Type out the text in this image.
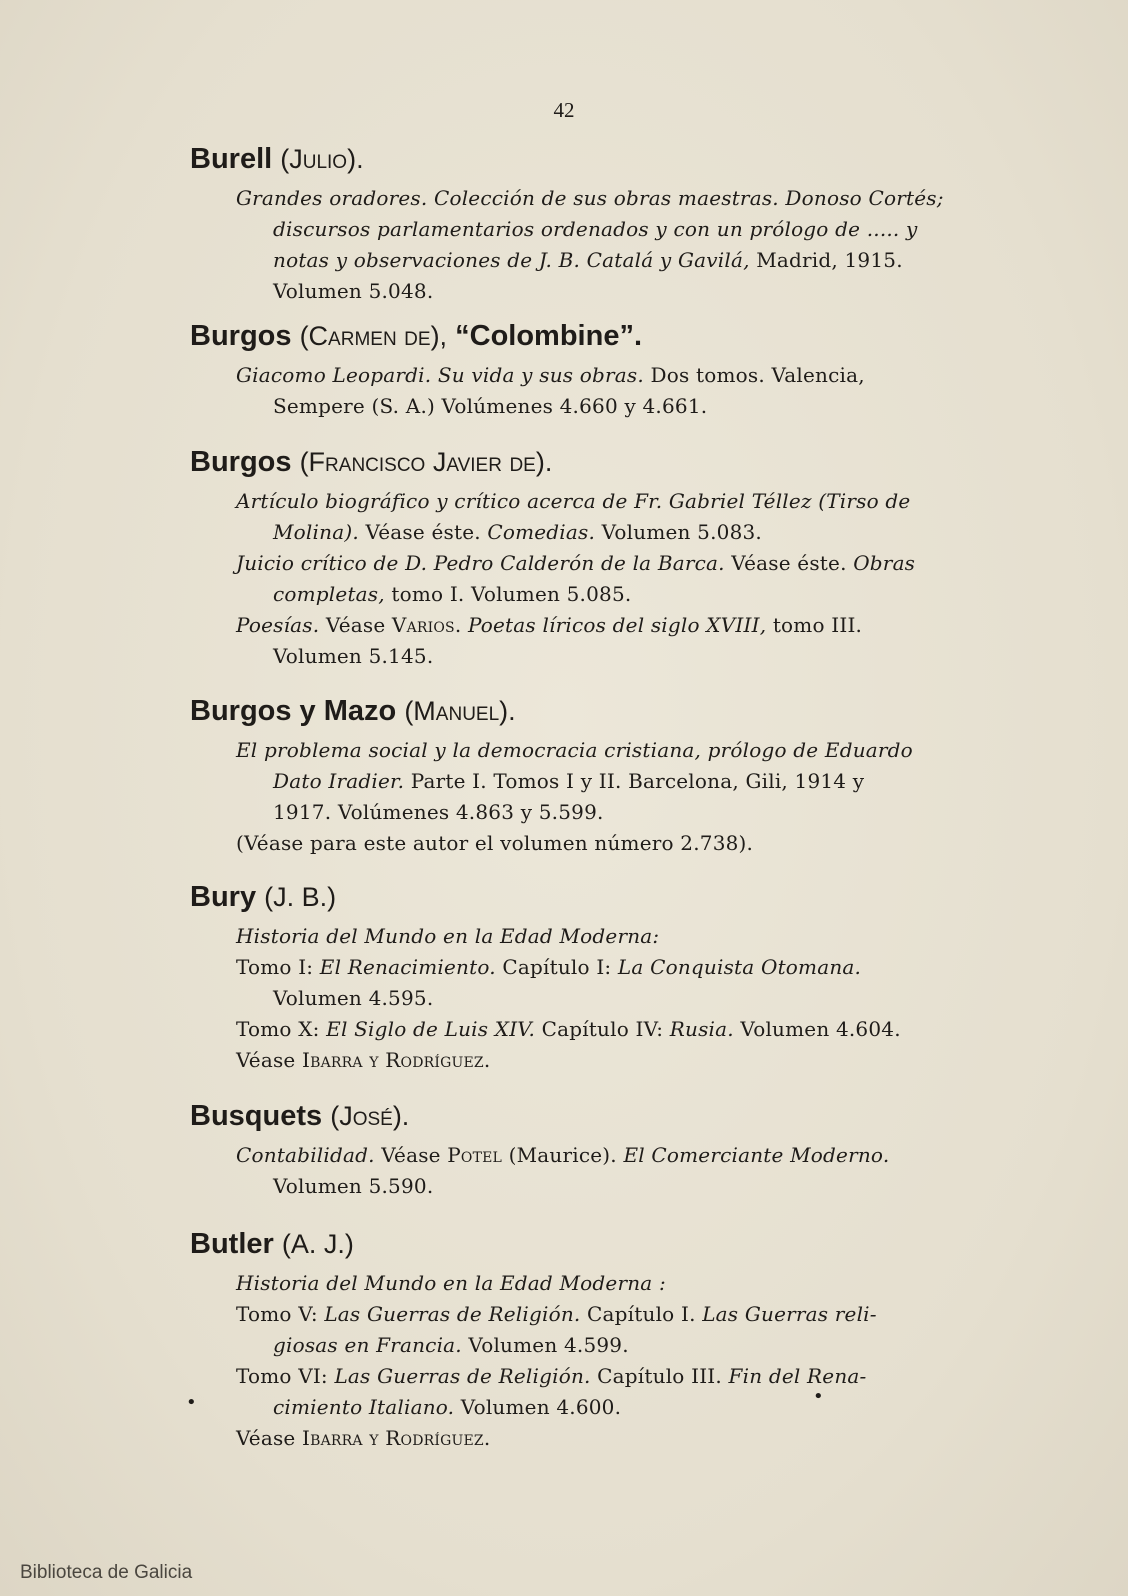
42
Burell (Julio).
Grandes oradores. Colección de sus obras maestras. Donoso Cortés;
discursos parlamentarios ordenados y con un prólogo de ..... y
notas y observaciones de J. B. Catalá y Gavilá, Madrid, 1915.
Volumen 5.048.
Burgos (Carmen de), “Colombine”.
Giacomo Leopardi. Su vida y sus obras. Dos tomos. Valencia,
Sempere (S. A.) Volúmenes 4.660 y 4.661.
Burgos (Francisco Javier de).
Artículo biográfico y crítico acerca de Fr. Gabriel Téllez (Tirso de
Molina). Véase éste. Comedias. Volumen 5.083.
Juicio crítico de D. Pedro Calderón de la Barca. Véase éste. Obras
completas, tomo I. Volumen 5.085.
Poesías. Véase Varios. Poetas líricos del siglo XVIII, tomo III.
Volumen 5.145.
Burgos y Mazo (Manuel).
El problema social y la democracia cristiana, prólogo de Eduardo
Dato Iradier. Parte I. Tomos I y II. Barcelona, Gili, 1914 y
1917. Volúmenes 4.863 y 5.599.
(Véase para este autor el volumen número 2.738).
Bury (J. B.)
Historia del Mundo en la Edad Moderna:
Tomo I: El Renacimiento. Capítulo I: La Conquista Otomana.
Volumen 4.595.
Tomo X: El Siglo de Luis XIV. Capítulo IV: Rusia. Volumen 4.604.
Véase Ibarra y Rodríguez.
Busquets (José).
Contabilidad. Véase Potel (Maurice). El Comerciante Moderno.
Volumen 5.590.
Butler (A. J.)
Historia del Mundo en la Edad Moderna :
Tomo V: Las Guerras de Religión. Capítulo I. Las Guerras reli-
giosas en Francia. Volumen 4.599.
Tomo VI: Las Guerras de Religión. Capítulo III. Fin del Rena-
cimiento Italiano. Volumen 4.600.
Véase Ibarra y Rodríguez.
•	•
Biblioteca de Galicia
